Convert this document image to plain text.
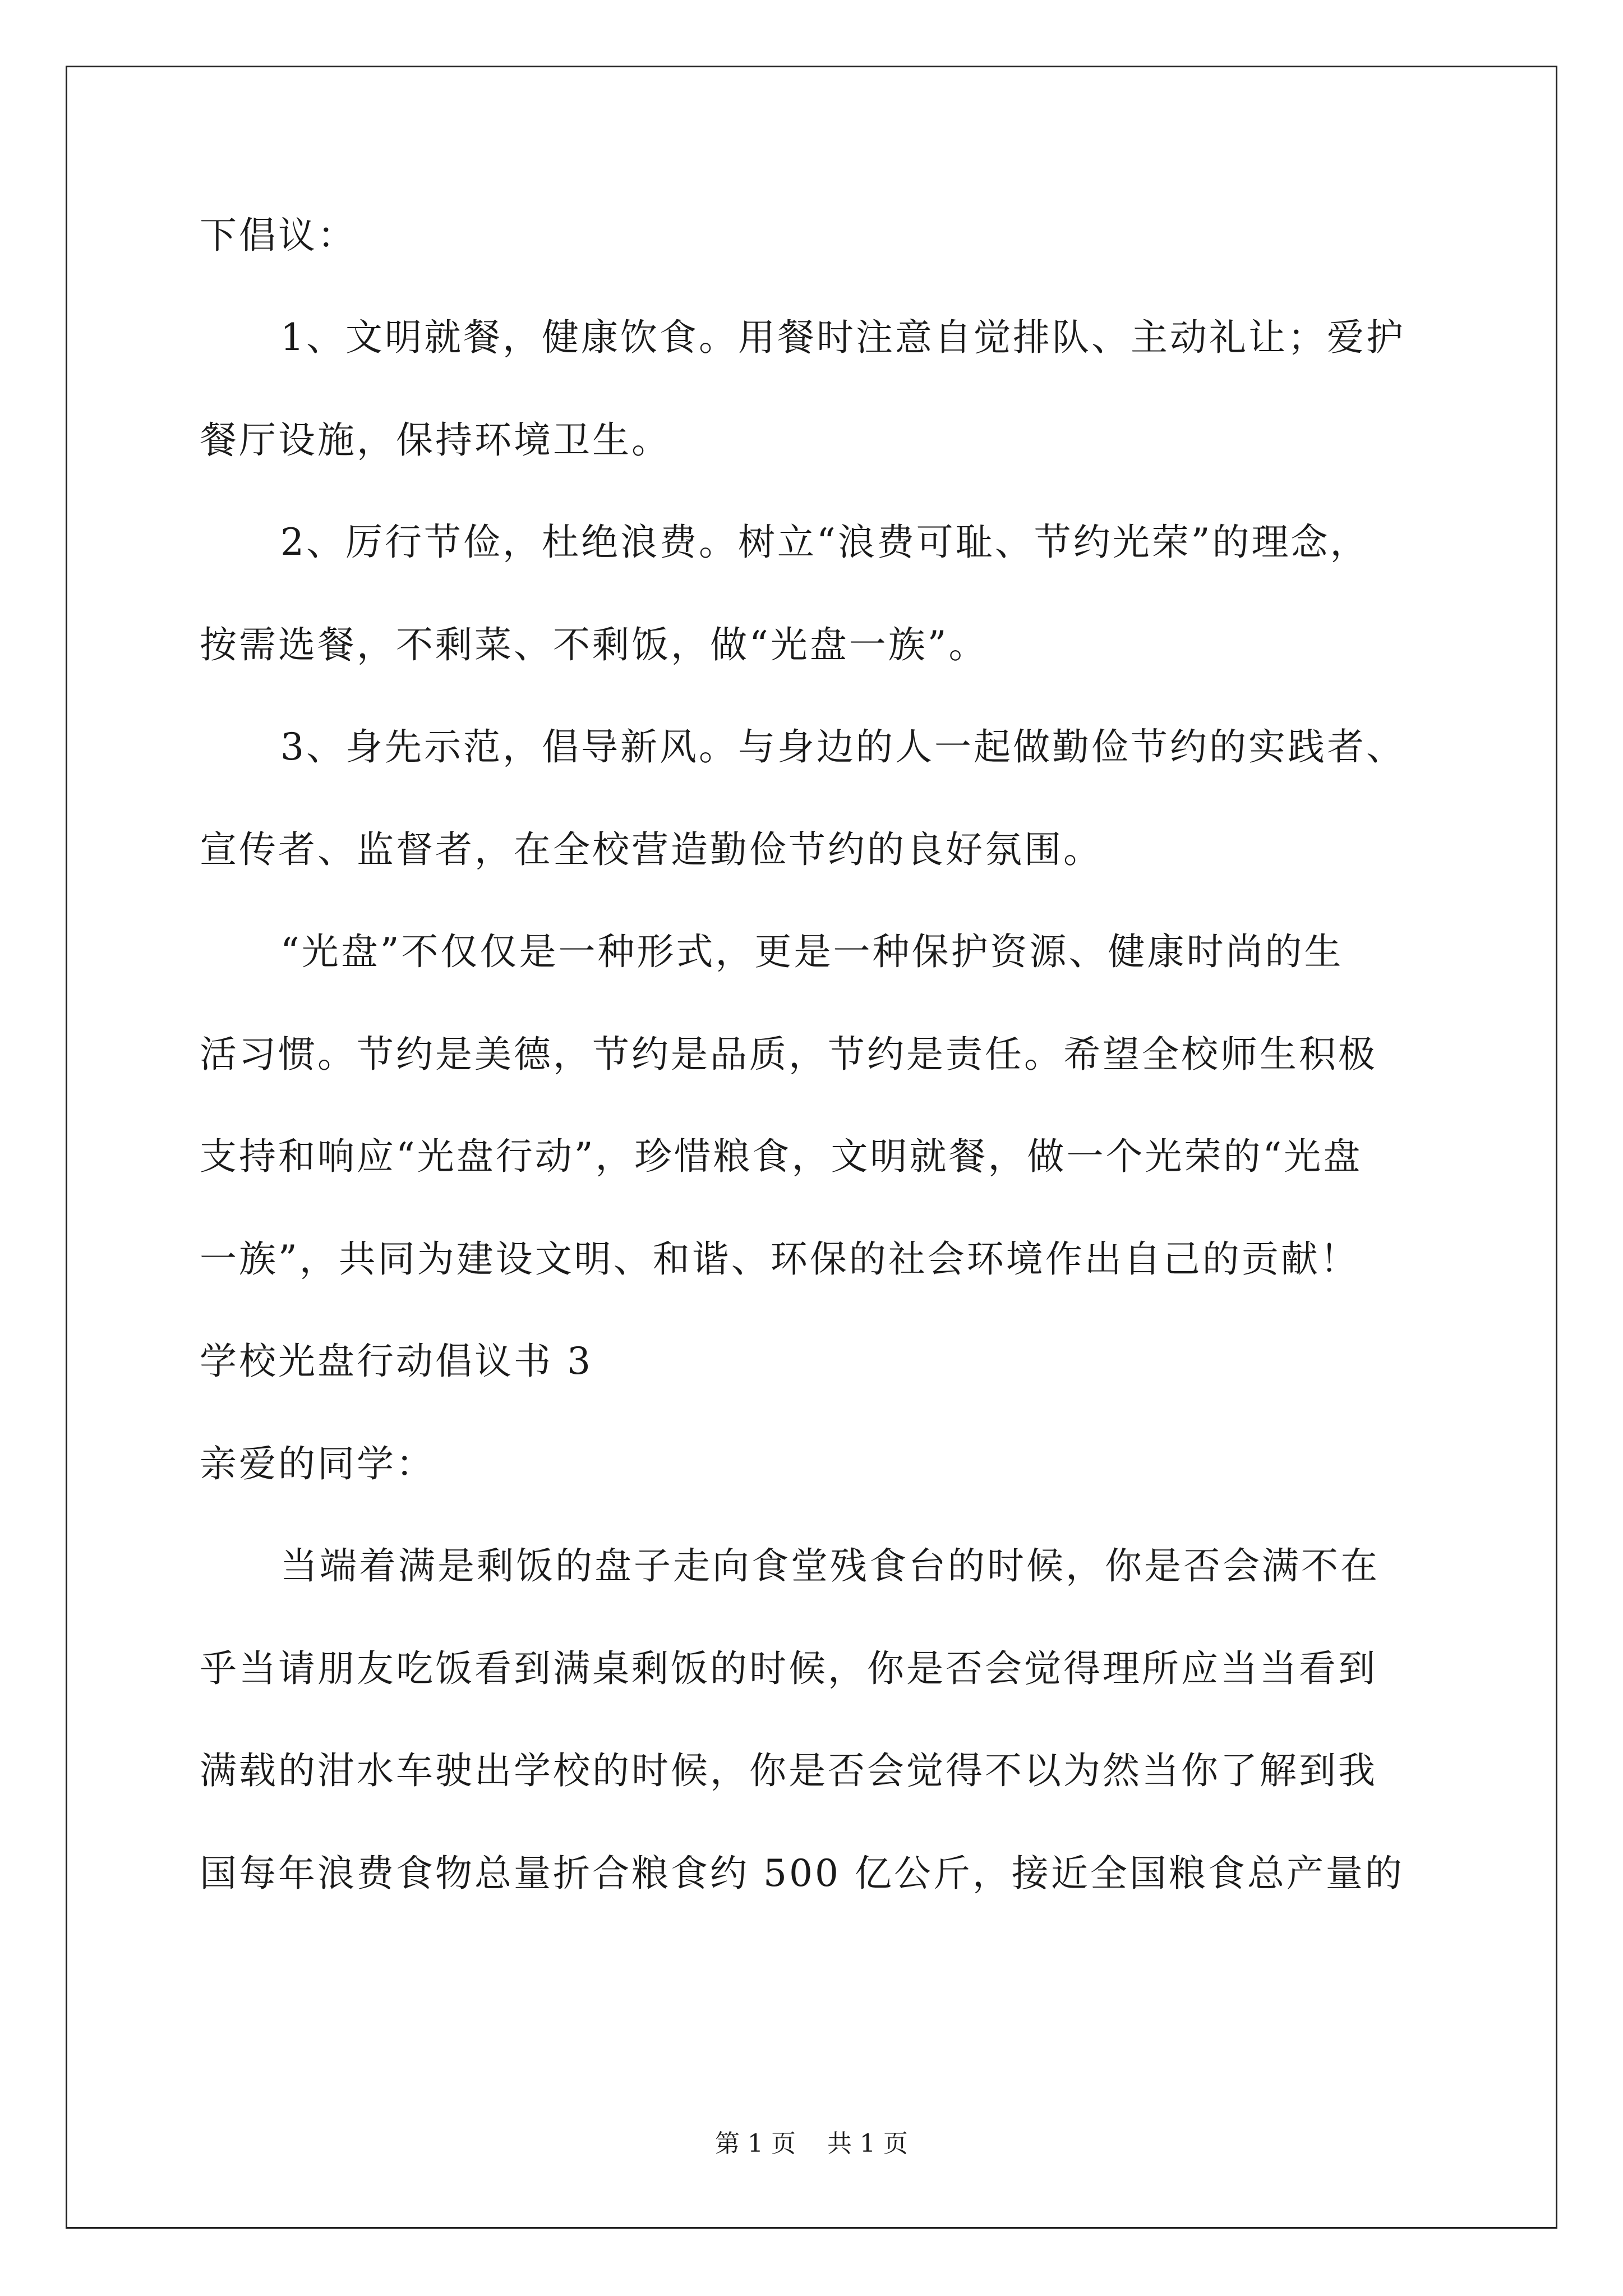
下倡议：
1、文明就餐，健康饮食。用餐时注意自觉排队、主动礼让；爱护
餐厅设施，保持环境卫生。
2、厉行节俭，杜绝浪费。树立“浪费可耻、节约光荣”的理念，
按需选餐，不剩菜、不剩饭，做“光盘一族”。
3、身先示范，倡导新风。与身边的人一起做勤俭节约的实践者、
宣传者、监督者，在全校营造勤俭节约的良好氛围。
“光盘”不仅仅是一种形式，更是一种保护资源、健康时尚的生
活习惯。节约是美德，节约是品质，节约是责任。希望全校师生积极
支持和响应“光盘行动”，珍惜粮食，文明就餐，做一个光荣的“光盘
一族”，共同为建设文明、和谐、环保的社会环境作出自己的贡献！
学校光盘行动倡议书 3
亲爱的同学：
当端着满是剩饭的盘子走向食堂残食台的时候，你是否会满不在
乎当请朋友吃饭看到满桌剩饭的时候，你是否会觉得理所应当当看到
满载的泔水车驶出学校的时候，你是否会觉得不以为然当你了解到我
国每年浪费食物总量折合粮食约 500 亿公斤，接近全国粮食总产量的
第 1 页    共 1 页
